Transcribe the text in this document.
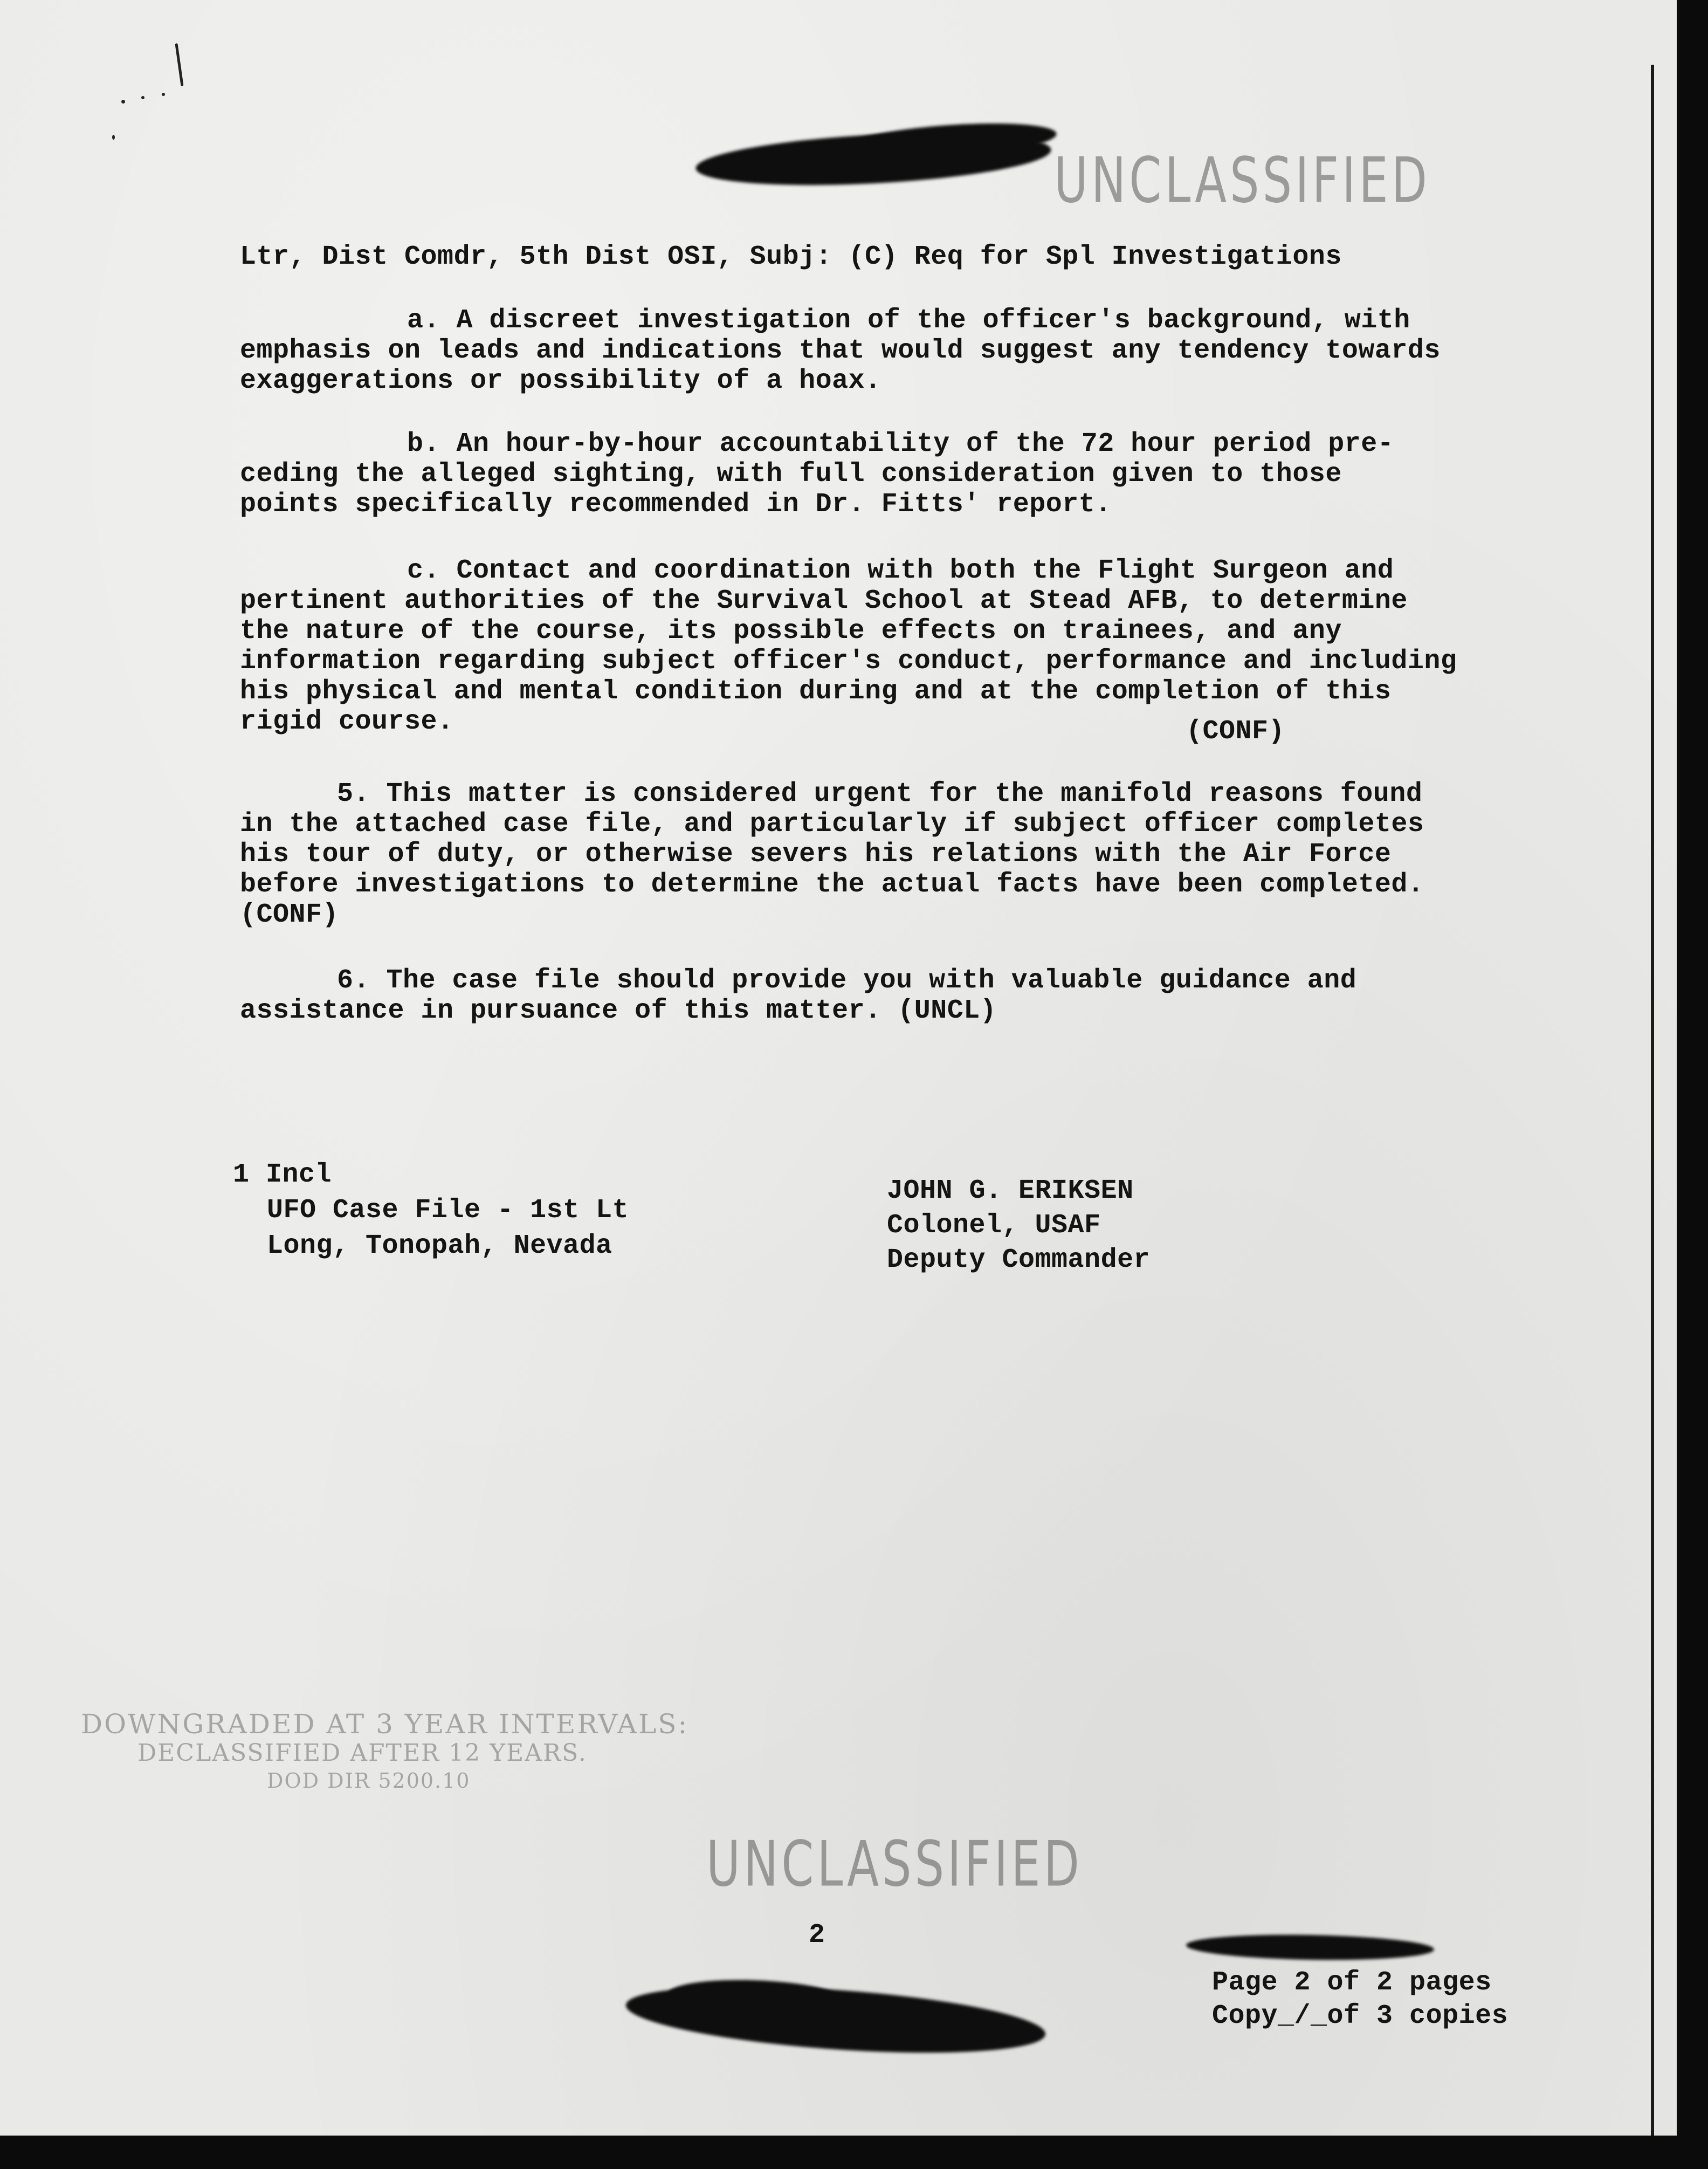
UNCLASSIFIED
Ltr, Dist Comdr, 5th Dist OSI, Subj: (C) Req for Spl Investigations
a. A discreet investigation of the officer's background, with
emphasis on leads and indications that would suggest any tendency towards
exaggerations or possibility of a hoax.
b. An hour-by-hour accountability of the 72 hour period pre-
ceding the alleged sighting, with full consideration given to those
points specifically recommended in Dr. Fitts' report.
c. Contact and coordination with both the Flight Surgeon and
pertinent authorities of the Survival School at Stead AFB, to determine
the nature of the course, its possible effects on trainees, and any
information regarding subject officer's conduct, performance and including
his physical and mental condition during and at the completion of this
rigid course.	(CONF)
5. This matter is considered urgent for the manifold reasons found
in the attached case file, and particularly if subject officer completes
his tour of duty, or otherwise severs his relations with the Air Force
before investigations to determine the actual facts have been completed.
(CONF)
6. The case file should provide you with valuable guidance and
assistance in pursuance of this matter. (UNCL)
1 Incl
UFO Case File - 1st Lt
Long, Tonopah, Nevada
JOHN G. ERIKSEN
Colonel, USAF
Deputy Commander
DOWNGRADED AT 3 YEAR INTERVALS:
DECLASSIFIED AFTER 12 YEARS.
DOD DIR 5200.10
UNCLASSIFIED
2
Page 2 of 2 pages
Copy_/_of 3 copies
